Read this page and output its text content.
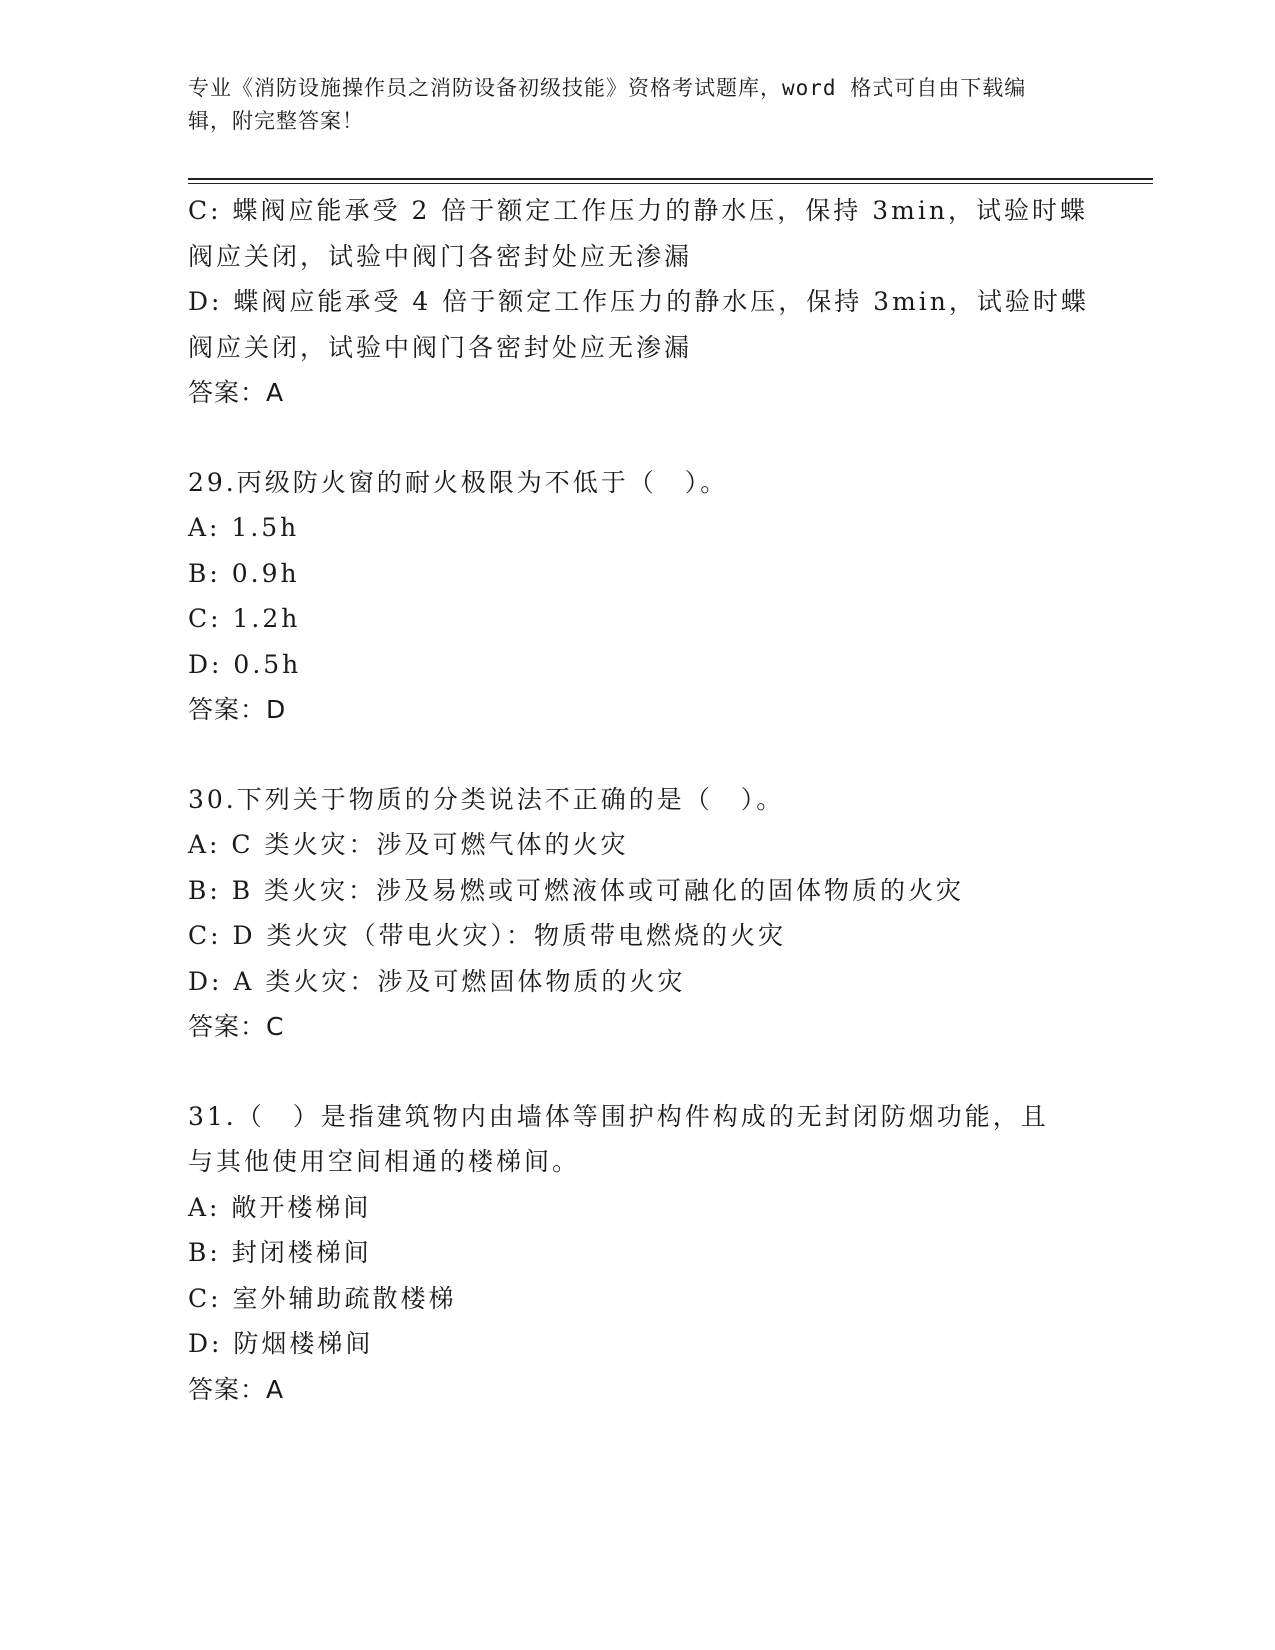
专业《消防设施操作员之消防设备初级技能》资格考试题库，word 格式可自由下载编辑，附完整答案！
C: 蝶阀应能承受 2 倍于额定工作压力的静水压，保持 3min，试验时蝶
阀应关闭，试验中阀门各密封处应无渗漏
D: 蝶阀应能承受 4 倍于额定工作压力的静水压，保持 3min，试验时蝶
阀应关闭，试验中阀门各密封处应无渗漏
答案：A
29.丙级防火窗的耐火极限为不低于（　）。
A: 1.5h
B: 0.9h
C: 1.2h
D: 0.5h
答案：D
30.下列关于物质的分类说法不正确的是（　）。
A: C 类火灾：涉及可燃气体的火灾
B: B 类火灾：涉及易燃或可燃液体或可融化的固体物质的火灾
C: D 类火灾（带电火灾）：物质带电燃烧的火灾
D: A 类火灾：涉及可燃固体物质的火灾
答案：C
31.（　）是指建筑物内由墙体等围护构件构成的无封闭防烟功能，且
与其他使用空间相通的楼梯间。
A: 敞开楼梯间
B: 封闭楼梯间
C: 室外辅助疏散楼梯
D: 防烟楼梯间
答案：A
